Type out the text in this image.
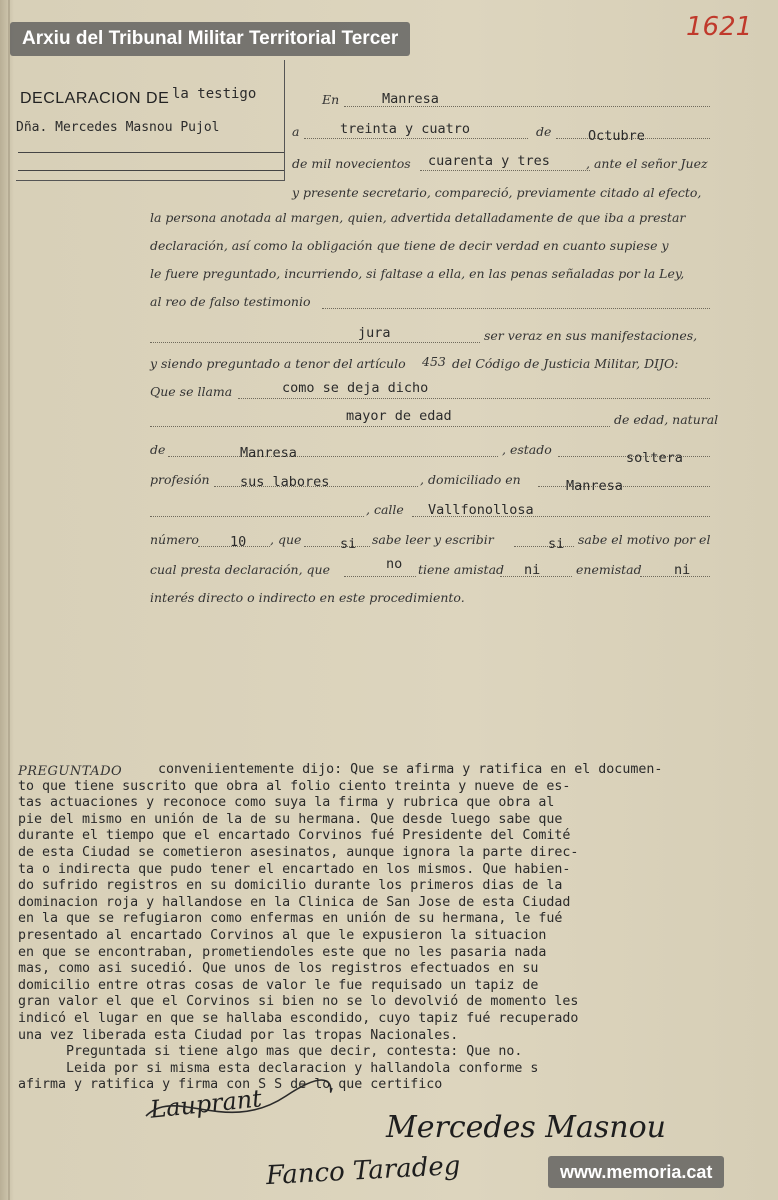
Arxiu del Tribunal Militar Territorial Tercer	1621
DECLARACION DE la testigo
Dña. Mercedes Masnou Pujol
En	Manresa
a	treinta y cuatro	de	Octubre
de mil novecientos cuarenta y tres	, ante el señor Juez
y presente secretario, compareció, previamente citado al efecto,
la persona anotada al margen, quien, advertida detalladamente de que iba a prestar
declaración, así como la obligación que tiene de decir verdad en cuanto supiese y
le fuere preguntado, incurriendo, si faltase a ella, en las penas señaladas por la Ley,
al reo de falso testimonio
jura	ser veraz en sus manifestaciones,
y siendo preguntado a tenor del artículo 453 del Código de Justicia Militar, DIJO:
Que se llama	como se deja dicho
mayor de edad	de edad, natural
de	Manresa	, estado
soltera
profesión sus labores	, domiciliado en	Manresa
, calle Vallfonollosa
número 10 , que	si sabe leer y escribir	si sabe el motivo por el
cual presta declaración, que	no tiene amistad ni	enemistad ni
interés directo o indirecto en este procedimiento.
PREGUNTADO	conveniientemente dijo: Que se afirma y ratifica en el documen-
to que tiene suscrito que obra al folio ciento treinta y nueve de es-
tas actuaciones y reconoce como suya la firma y rubrica que obra al
pie del mismo en unión de la de su hermana. Que desde luego sabe que
durante el tiempo que el encartado Corvinos fué Presidente del Comité
de esta Ciudad se cometieron asesinatos, aunque ignora la parte direc-
ta o indirecta que pudo tener el encartado en los mismos. Que habien-
do sufrido registros en su domicilio durante los primeros dias de la
dominacion roja y hallandose en la Clinica de San Jose de esta Ciudad
en la que se refugiaron como enfermas en unión de su hermana, le fué
presentado al encartado Corvinos al que le expusieron la situacion
en que se encontraban, prometiendoles este que no les pasaria nada
mas, como asi sucedió. Que unos de los registros efectuados en su
domicilio entre otras cosas de valor le fue requisado un tapiz de
gran valor el que el Corvinos si bien no se lo devolvió de momento les
indicó el lugar en que se hallaba escondido, cuyo tapiz fué recuperado
una vez liberada esta Ciudad por las tropas Nacionales.
Preguntada si tiene algo mas que decir, contesta: Que no.
Leida por si misma esta declaracion y hallandola conforme s
afirma y ratifica y firma con S S de lo que certifico
Lauprant
Mercedes Masnou
Fanco Taradeg	www.memoria.cat
